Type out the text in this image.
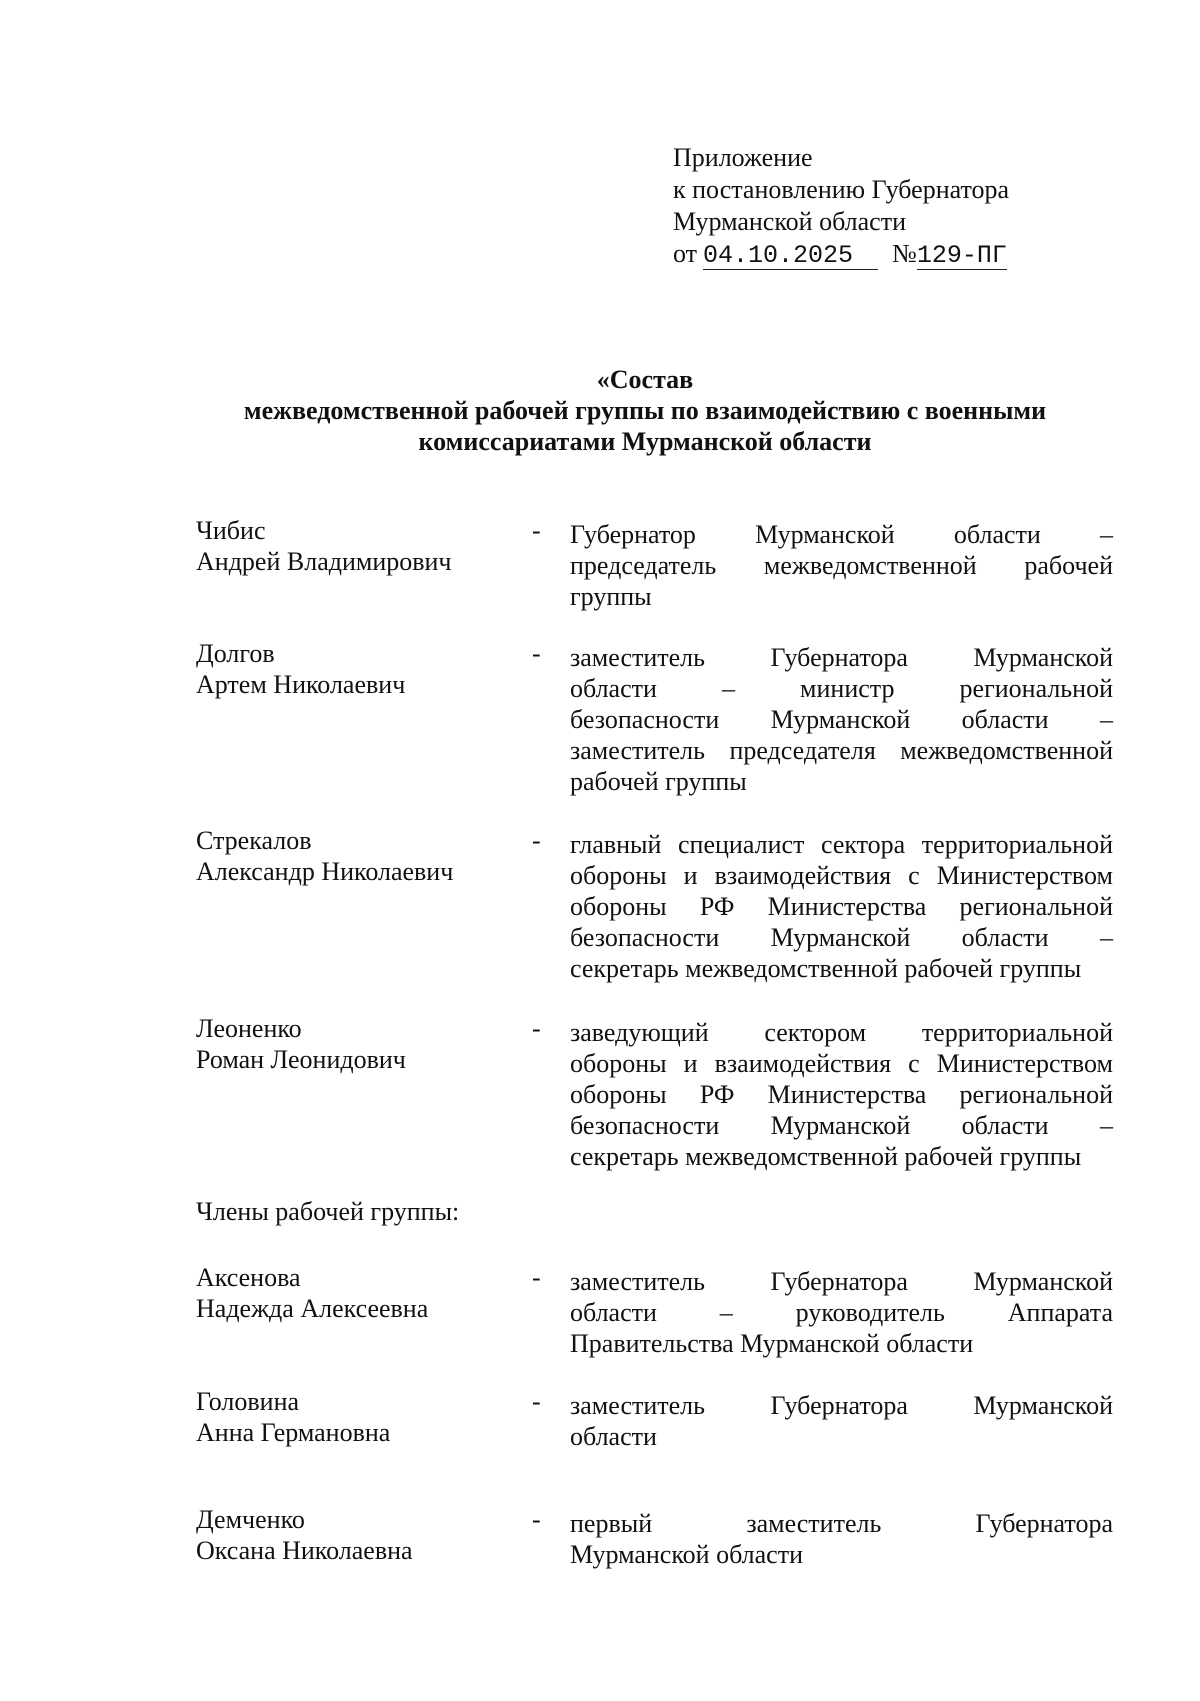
Приложение
к постановлению Губернатора
Мурманской области
от 04.10.2025 №129-ПГ
«Состав
межведомственной рабочей группы по взаимодействию с военными
комиссариатами Мурманской области
Чибис
Андрей Владимирович
- Губернатор Мурманской области –
председатель межведомственной рабочей
группы
Долгов
Артем Николаевич
- заместитель Губернатора Мурманской
области – министр региональной
безопасности Мурманской области –
заместитель председателя межведомственной
рабочей группы
Стрекалов
Александр Николаевич
- главный специалист сектора территориальной
обороны и взаимодействия с Министерством
обороны РФ Министерства региональной
безопасности Мурманской области –
секретарь межведомственной рабочей группы
Леоненко
Роман Леонидович
- заведующий сектором территориальной
обороны и взаимодействия с Министерством
обороны РФ Министерства региональной
безопасности Мурманской области –
секретарь межведомственной рабочей группы
Члены рабочей группы:
Аксенова
Надежда Алексеевна
- заместитель Губернатора Мурманской
области – руководитель Аппарата
Правительства Мурманской области
Головина
Анна Германовна
- заместитель Губернатора Мурманской
области
Демченко
Оксана Николаевна
- первый заместитель Губернатора
Мурманской области
